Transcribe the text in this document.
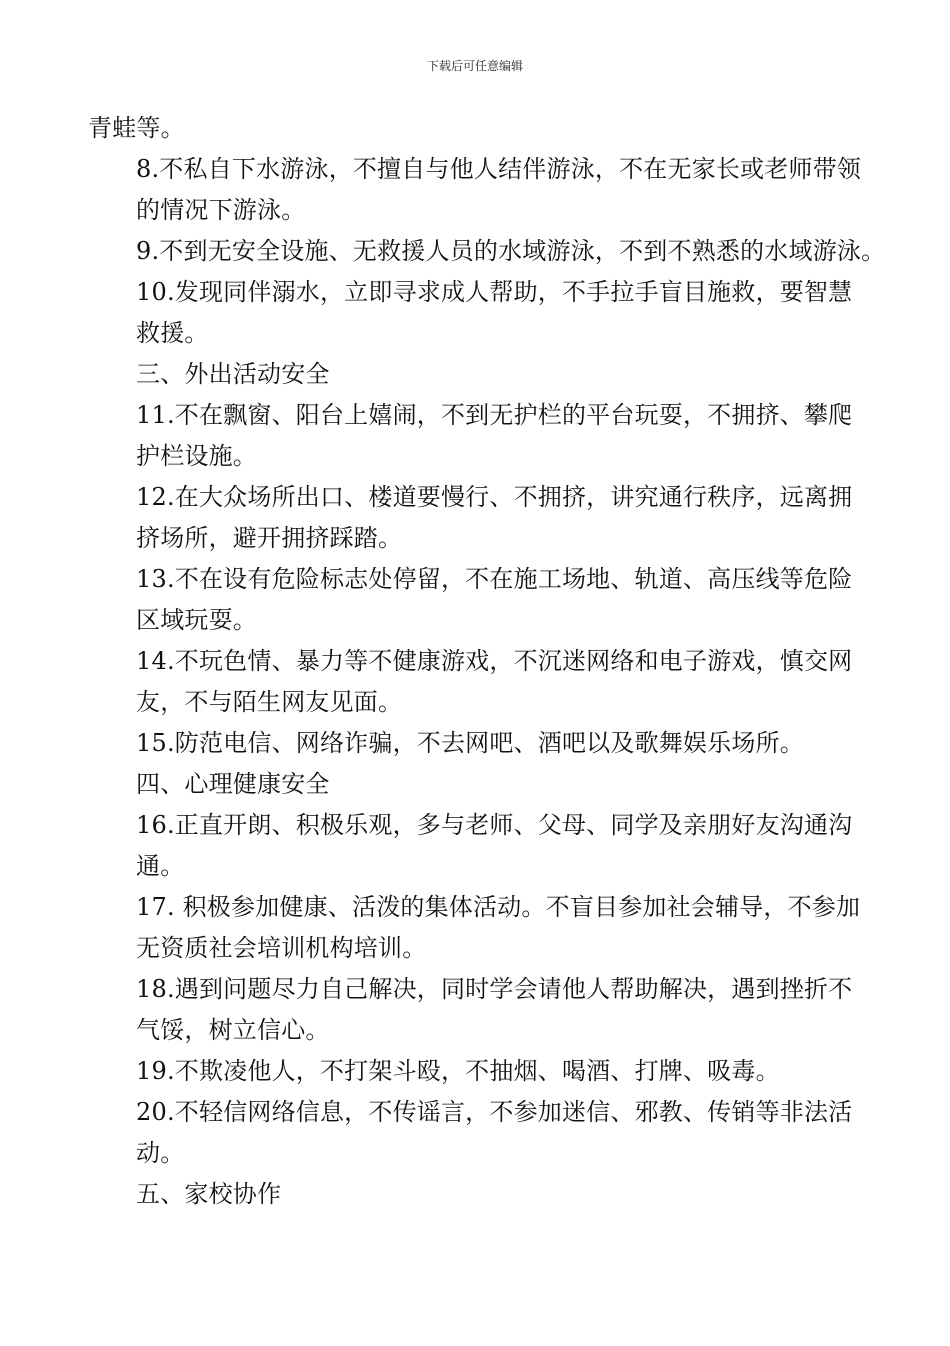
下载后可任意编辑

青蛙等。

8.不私自下水游泳，不擅自与他人结伴游泳，不在无家长或老师带领
的情况下游泳。

9.不到无安全设施、无救援人员的水域游泳，不到不熟悉的水域游泳。

10.发现同伴溺水，立即寻求成人帮助，不手拉手盲目施救，要智慧
救援。

三、外出活动安全

11.不在飘窗、阳台上嬉闹，不到无护栏的平台玩耍，不拥挤、攀爬
护栏设施。

12.在大众场所出口、楼道要慢行、不拥挤，讲究通行秩序，远离拥
挤场所，避开拥挤踩踏。

13.不在设有危险标志处停留，不在施工场地、轨道、高压线等危险
区域玩耍。

14.不玩色情、暴力等不健康游戏，不沉迷网络和电子游戏，慎交网
友，不与陌生网友见面。

15.防范电信、网络诈骗，不去网吧、酒吧以及歌舞娱乐场所。

四、心理健康安全

16.正直开朗、积极乐观，多与老师、父母、同学及亲朋好友沟通沟
通。

17. 积极参加健康、活泼的集体活动。不盲目参加社会辅导，不参加
无资质社会培训机构培训。

18.遇到问题尽力自己解决，同时学会请他人帮助解决，遇到挫折不
气馁，树立信心。

19.不欺凌他人，不打架斗殴，不抽烟、喝酒、打牌、吸毒。

20.不轻信网络信息，不传谣言，不参加迷信、邪教、传销等非法活
动。

五、家校协作
